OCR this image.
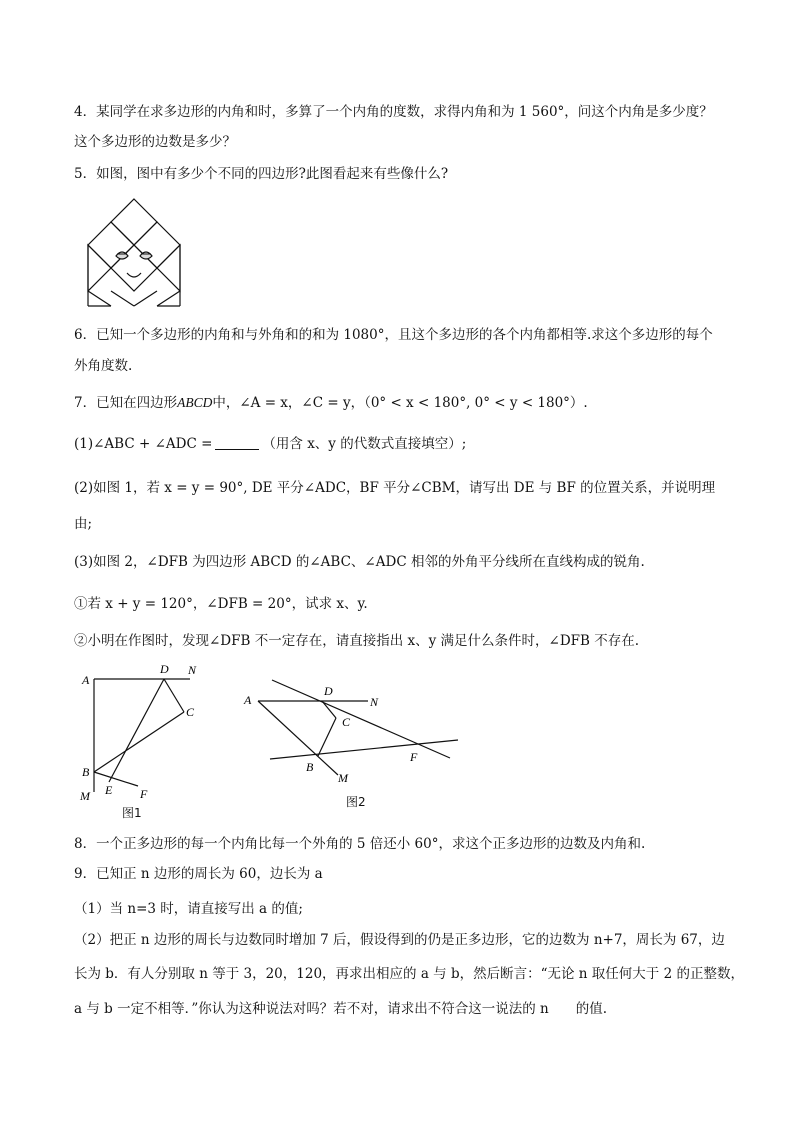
4．某同学在求多边形的内角和时，多算了一个内角的度数，求得内角和为 1 560°，问这个内角是多少度？
这个多边形的边数是多少？
5．如图，图中有多少个不同的四边形?此图看起来有些像什么?
6．已知一个多边形的内角和与外角和的和为 1080°，且这个多边形的各个内角都相等.求这个多边形的每个
外角度数.
7．已知在四边形ABCD中，∠A = x，∠C = y，（0° < x < 180°, 0° < y < 180°）.
(1)∠ABC + ∠ADC =	（用含 x、y 的代数式直接填空）;
(2)如图 1，若 x = y = 90°, DE 平分∠ADC，BF 平分∠CBM，请写出 DE 与 BF 的位置关系，并说明理
由;
(3)如图 2，∠DFB 为四边形 ABCD 的∠ABC、∠ADC 相邻的外角平分线所在直线构成的锐角.
①若 x + y = 120°，∠DFB = 20°，试求 x、y.
②小明在作图时，发现∠DFB 不一定存在，请直接指出 x、y 满足什么条件时，∠DFB 不存在.
A
D N
C
B
E
M	F
图1
A
D
N
C
B
M
F
图2
8．一个正多边形的每一个内角比每一个外角的 5 倍还小 60°，求这个正多边形的边数及内角和.
9．已知正 n 边形的周长为 60，边长为 a
（1）当 n=3 时，请直接写出 a 的值;
（2）把正 n 边形的周长与边数同时增加 7 后，假设得到的仍是正多边形，它的边数为 n+7，周长为 67，边
长为 b．有人分别取 n 等于 3，20，120，再求出相应的 a 与 b，然后断言：“无论 n 取任何大于 2 的正整数，
a 与 b 一定不相等．”你认为这种说法对吗？若不对，请求出不符合这一说法的 n　　的值.
